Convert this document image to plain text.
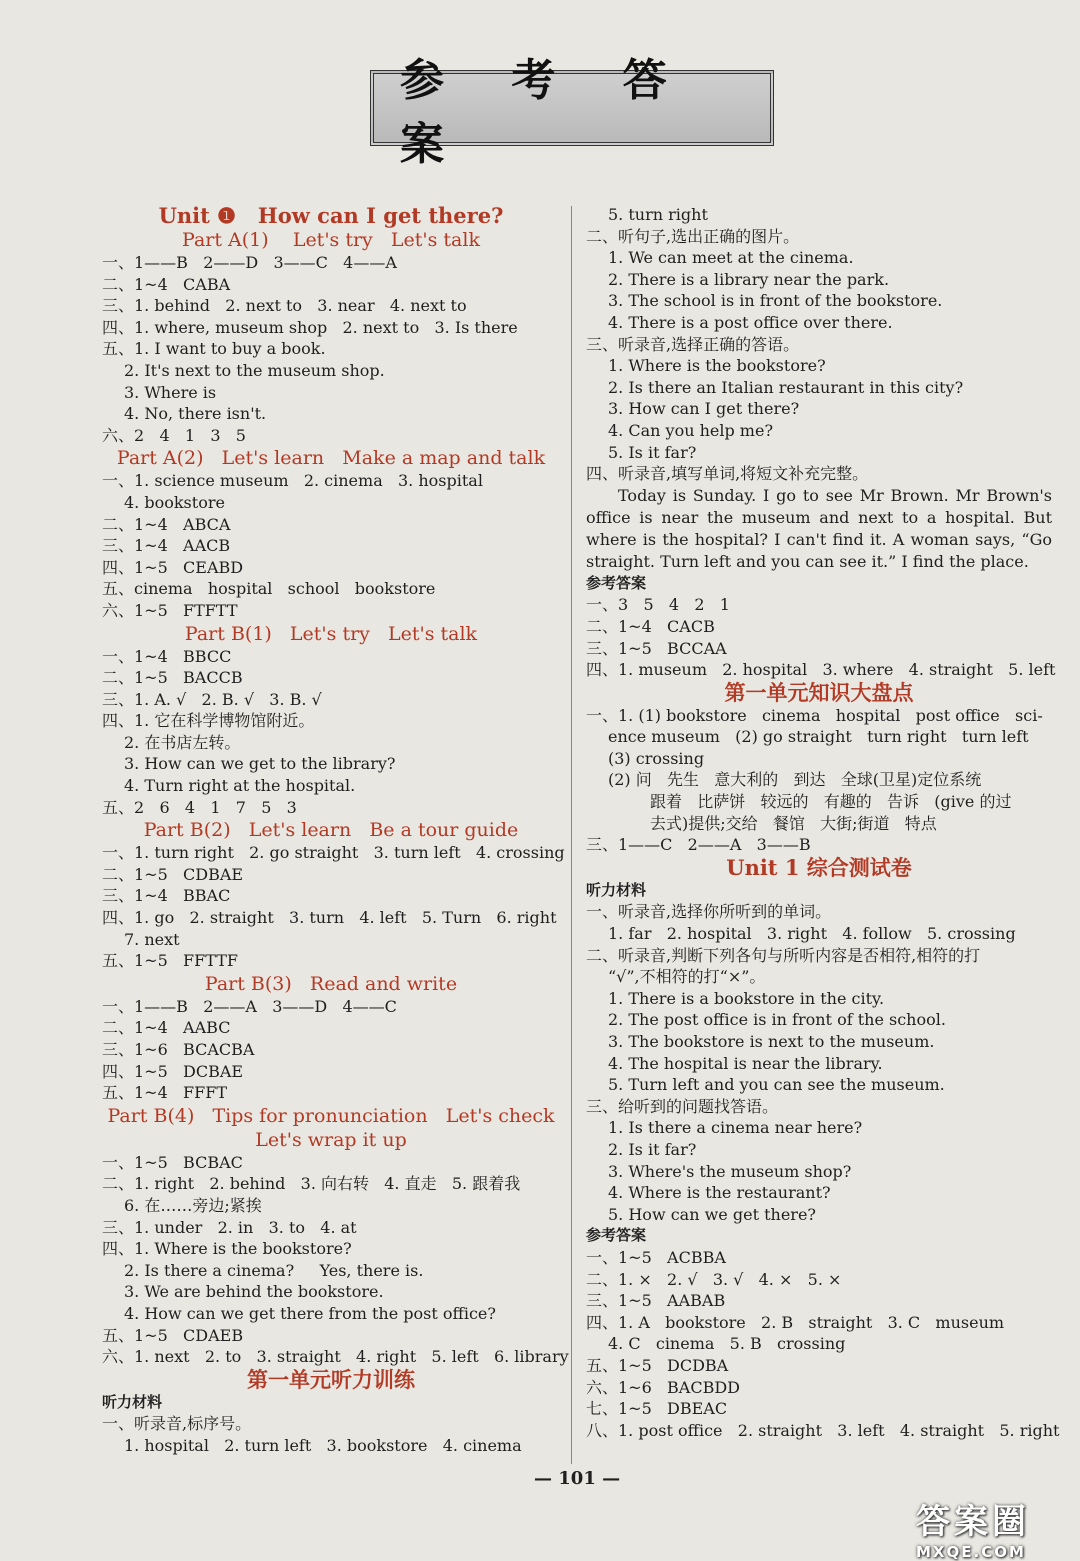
参 考 答 案
Unit ❶   How can I get there?
Part A(1)    Let's try   Let's talk
一、1——B   2——D   3——C   4——A
二、1~4   CABA
三、1. behind   2. next to   3. near   4. next to
四、1. where, museum shop   2. next to   3. Is there
五、1. I want to buy a book.
2. It's next to the museum shop.
3. Where is
4. No, there isn't.
六、2   4   1   3   5
Part A(2)   Let's learn   Make a map and talk
一、1. science museum   2. cinema   3. hospital
4. bookstore
二、1~4   ABCA
三、1~4   AACB
四、1~5   CEABD
五、cinema   hospital   school   bookstore
六、1~5   FTFTT
Part B(1)   Let's try   Let's talk
一、1~4   BBCC
二、1~5   BACCB
三、1. A. √   2. B. √   3. B. √
四、1. 它在科学博物馆附近。
2. 在书店左转。
3. How can we get to the library?
4. Turn right at the hospital.
五、2   6   4   1   7   5   3
Part B(2)   Let's learn   Be a tour guide
一、1. turn right   2. go straight   3. turn left   4. crossing
二、1~5   CDBAE
三、1~4   BBAC
四、1. go   2. straight   3. turn   4. left   5. Turn   6. right
7. next
五、1~5   FFTTF
Part B(3)   Read and write
一、1——B   2——A   3——D   4——C
二、1~4   AABC
三、1~6   BCACBA
四、1~5   DCBAE
五、1~4   FFFT
Part B(4)   Tips for pronunciation   Let's check
Let's wrap it up
一、1~5   BCBAC
二、1. right   2. behind   3. 向右转   4. 直走   5. 跟着我
6. 在……旁边;紧挨
三、1. under   2. in   3. to   4. at
四、1. Where is the bookstore?
2. Is there a cinema?     Yes, there is.
3. We are behind the bookstore.
4. How can we get there from the post office?
五、1~5   CDAEB
六、1. next   2. to   3. straight   4. right   5. left   6. library
第一单元听力训练
听力材料
一、听录音,标序号。
1. hospital   2. turn left   3. bookstore   4. cinema
5. turn right
二、听句子,选出正确的图片。
1. We can meet at the cinema.
2. There is a library near the park.
3. The school is in front of the bookstore.
4. There is a post office over there.
三、听录音,选择正确的答语。
1. Where is the bookstore?
2. Is there an Italian restaurant in this city?
3. How can I get there?
4. Can you help me?
5. Is it far?
四、听录音,填写单词,将短文补充完整。

Today is Sunday. I go to see Mr Brown. Mr Brown's office is near the museum and next to a hospital. But where is the hospital? I can't find it. A woman says, “Go straight. Turn left and you can see it.” I find the place.

参考答案
一、3   5   4   2   1
二、1~4   CACB
三、1~5   BCCAA
四、1. museum   2. hospital   3. where   4. straight   5. left
第一单元知识大盘点
一、1. (1) bookstore   cinema   hospital   post office   sci-
ence museum   (2) go straight   turn right   turn left
(3) crossing
(2) 问   先生   意大利的   到达   全球(卫星)定位系统
跟着   比萨饼   较远的   有趣的   告诉   (give 的过
去式)提供;交给   餐馆   大街;街道   特点
三、1——C   2——A   3——B
Unit 1 综合测试卷
听力材料
一、听录音,选择你所听到的单词。
1. far   2. hospital   3. right   4. follow   5. crossing
二、听录音,判断下列各句与所听内容是否相符,相符的打
“√”,不相符的打“×”。
1. There is a bookstore in the city.
2. The post office is in front of the school.
3. The bookstore is next to the museum.
4. The hospital is near the library.
5. Turn left and you can see the museum.
三、给听到的问题找答语。
1. Is there a cinema near here?
2. Is it far?
3. Where's the museum shop?
4. Where is the restaurant?
5. How can we get there?
参考答案
一、1~5   ACBBA
二、1. ×   2. √   3. √   4. ×   5. ×
三、1~5   AABAB
四、1. A   bookstore   2. B   straight   3. C   museum
4. C   cinema   5. B   crossing
五、1~5   DCDBA
六、1~6   BACBDD
七、1~5   DBEAC
八、1. post office   2. straight   3. left   4. straight   5. right
— 101 —
答案圈
MXQE.COM
